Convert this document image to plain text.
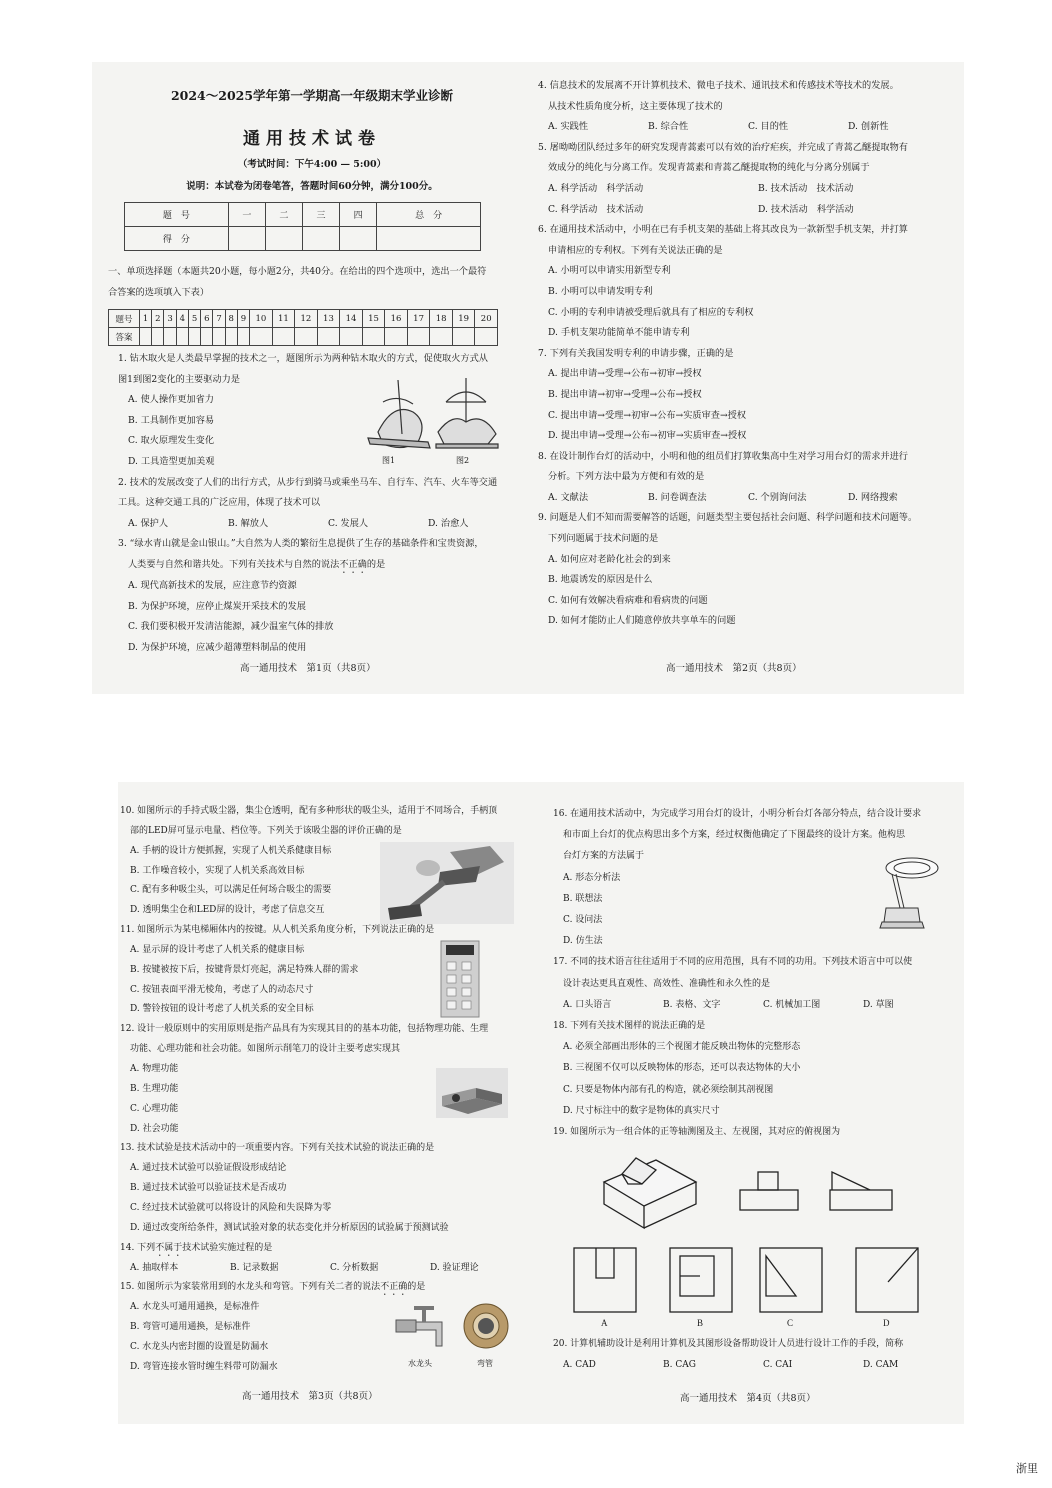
2024～2025学年第一学期高一年级期末学业诊断
通用技术试卷
（考试时间：下午4:00 — 5:00）
说明：本试卷为闭卷笔答，答题时间60分钟，满分100分。
题　号	一	二	三	四	总　分
得　分					

一、单项选择题（本题共20小题，每小题2分，共40分。在给出的四个选项中，选出一个最符

合答案的选项填入下表）

题号	1	2	3	4	5	6	7	8	9	10	11	12	13	14	15	16	17	18	19	20
答案																				

1. 钻木取火是人类最早掌握的技术之一，题图所示为两种钻木取火的方式，促使取火方式从

图1到图2变化的主要驱动力是

A. 使人操作更加省力

B. 工具制作更加容易

C. 取火原理发生变化

D. 工具造型更加美观

2. 技术的发展改变了人们的出行方式，从步行到骑马或乘坐马车、自行车、汽车、火车等交通

工具。这种交通工具的广泛应用，体现了技术可以

A. 保护人	B. 解放人	C. 发展人	D. 治愈人

3. “绿水青山就是金山银山。”大自然为人类的繁衍生息提供了生存的基础条件和宝贵资源，

人类要与自然和谐共处。下列有关技术与自然的说法不正确的是

A. 现代高新技术的发展，应注意节约资源

B. 为保护环境，应停止煤炭开采技术的发展

C. 我们要积极开发清洁能源，减少温室气体的排放

D. 为保护环境，应减少超薄塑料制品的使用

图1	图2
高一通用技术　第1页（共8页）

4. 信息技术的发展离不开计算机技术、微电子技术、通讯技术和传感技术等技术的发展。

从技术性质角度分析，这主要体现了技术的

A. 实践性	B. 综合性	C. 目的性	D. 创新性

5. 屠呦呦团队经过多年的研究发现青蒿素可以有效的治疗疟疾，并完成了青蒿乙醚提取物有

效成分的纯化与分离工作。发现青蒿素和青蒿乙醚提取物的纯化与分离分别属于

A. 科学活动　科学活动	B. 技术活动　技术活动
C. 科学活动　技术活动	D. 技术活动　科学活动

6. 在通用技术活动中，小明在已有手机支架的基础上将其改良为一款新型手机支架，并打算

申请相应的专利权。下列有关说法正确的是

A. 小明可以申请实用新型专利

B. 小明可以申请发明专利

C. 小明的专利申请被受理后就具有了相应的专利权

D. 手机支架功能简单不能申请专利

7. 下列有关我国发明专利的申请步骤，正确的是

A. 提出申请→受理→公布→初审→授权

B. 提出申请→初审→受理→公布→授权

C. 提出申请→受理→初审→公布→实质审查→授权

D. 提出申请→受理→公布→初审→实质审查→授权

8. 在设计制作台灯的活动中，小明和他的组员们打算收集高中生对学习用台灯的需求并进行

分析。下列方法中最为方便和有效的是

A. 文献法	B. 问卷调查法	C. 个别询问法	D. 网络搜索

9. 问题是人们不知而需要解答的话题，问题类型主要包括社会问题、科学问题和技术问题等。

下列问题属于技术问题的是

A. 如何应对老龄化社会的到来

B. 地震诱发的原因是什么

C. 如何有效解决看病难和看病贵的问题

D. 如何才能防止人们随意停放共享单车的问题

高一通用技术　第2页（共8页）

10. 如图所示的手持式吸尘器，集尘仓透明，配有多种形状的吸尘头，适用于不同场合，手柄顶

部的LED屏可显示电量、档位等。下列关于该吸尘器的评价正确的是

A. 手柄的设计方便抓握，实现了人机关系健康目标

B. 工作噪音较小，实现了人机关系高效目标

C. 配有多种吸尘头，可以满足任何场合吸尘的需要

D. 透明集尘仓和LED屏的设计，考虑了信息交互

11. 如图所示为某电梯厢体内的按键。从人机关系角度分析，下列说法正确的是

A. 显示屏的设计考虑了人机关系的健康目标

B. 按键被按下后，按键背景灯亮起，满足特殊人群的需求

C. 按钮表面平滑无棱角，考虑了人的动态尺寸

D. 警铃按钮的设计考虑了人机关系的安全目标

12. 设计一般原则中的实用原则是指产品具有为实现其目的的基本功能，包括物理功能、生理

功能、心理功能和社会功能。如图所示削笔刀的设计主要考虑实现其

A. 物理功能

B. 生理功能

C. 心理功能

D. 社会功能

13. 技术试验是技术活动中的一项重要内容。下列有关技术试验的说法正确的是

A. 通过技术试验可以验证假设形成结论

B. 通过技术试验可以验证技术是否成功

C. 经过技术试验就可以将设计的风险和失误降为零

D. 通过改变所给条件，测试试验对象的状态变化并分析原因的试验属于预测试验

14. 下列不属于技术试验实施过程的是

A. 抽取样本	B. 记录数据	C. 分析数据	D. 验证理论

15. 如图所示为家装常用到的水龙头和弯管。下列有关二者的说法不正确的是

A. 水龙头可通用通换，是标准件

B. 弯管可通用通换，是标准件

C. 水龙头内密封圈的设置是防漏水

D. 弯管连接水管时缠生料带可防漏水	水龙头	弯管
高一通用技术　第3页（共8页）

16. 在通用技术活动中，为完成学习用台灯的设计，小明分析台灯各部分特点，结合设计要求

和市面上台灯的优点构思出多个方案，经过权衡他确定了下图最终的设计方案。他构思

台灯方案的方法属于

A. 形态分析法

B. 联想法

C. 设问法

D. 仿生法

17. 不同的技术语言往往适用于不同的应用范围，具有不同的功用。下列技术语言中可以使

设计表达更具直观性、高效性、准确性和永久性的是

A. 口头语言	B. 表格、文字	C. 机械加工图	D. 草图

18. 下列有关技术图样的说法正确的是

A. 必须全部画出形体的三个视图才能反映出物体的完整形态

B. 三视图不仅可以反映物体的形态，还可以表达物体的大小

C. 只要是物体内部有孔的构造，就必须绘制其剖视图

D. 尺寸标注中的数字是物体的真实尺寸

19. 如图所示为一组合体的正等轴测图及主、左视图，其对应的俯视图为

A	B	C	D

20. 计算机辅助设计是利用计算机及其图形设备帮助设计人员进行设计工作的手段，简称

A. CAD	B. CAG	C. CAI	D. CAM
高一通用技术　第4页（共8页）
浙里
